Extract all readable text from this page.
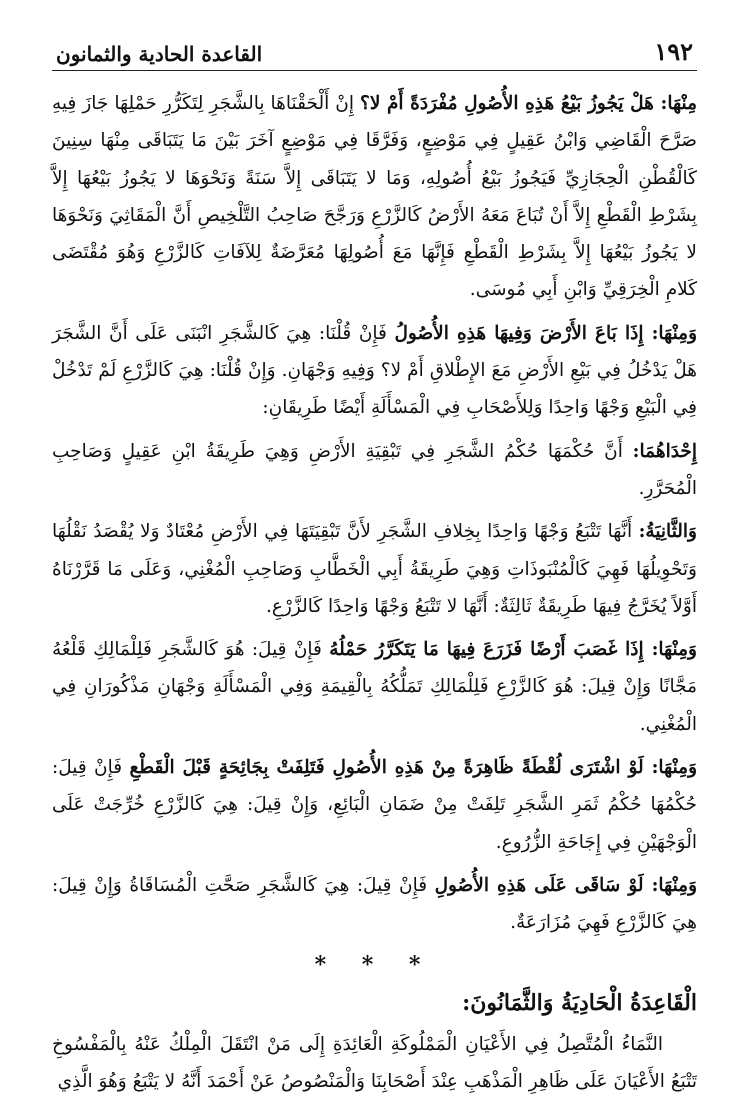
١٩٢
القاعدة الحادية والثمانون

مِنْهَا: هَلْ يَجُوزُ بَيْعُ هَذِهِ الأُصُولِ مُفْرَدَةً أَمْ لا؟ إِنْ أَلْحَقْنَاهَا بِالشَّجَرِ لِتَكَرُّرِ حَمْلِهَا جَازَ فِيهِ صَرَّحَ الْقَاضِي وَابْنُ عَقِيلٍ فِي مَوْضِعٍ، وَفَرَّقَا فِي مَوْضِعٍ آخَرَ بَيْنَ مَا يَتَبَاقَى مِنْهَا سِنِينَ كَالْقُطْنِ الْحِجَازِيِّ فَيَجُوزُ بَيْعُ أُصُولِهِ، وَمَا لا يَتَبَاقَى إِلاَّ سَنَةً وَنَحْوَهَا لا يَجُوزُ بَيْعُهَا إِلاَّ بِشَرْطِ الْقَطْعِ إِلاَّ أَنْ تُبَاعَ مَعَهُ الأَرْضُ كَالزَّرْعِ وَرَجَّحَ صَاحِبُ التَّلْخِيصِ أَنَّ الْمَقَاثِيَ وَنَحْوَهَا لا يَجُوزُ بَيْعُهَا إِلاَّ بِشَرْطِ الْقَطْعِ فَإِنَّهَا مَعَ أُصُولِهَا مُعَرَّضَةٌ لِلآفَاتِ كَالزَّرْعِ وَهُوَ مُقْتَضَى كَلامِ الْخِرَقِيِّ وَابْنِ أَبِي مُوسَى.

وَمِنْهَا: إِذَا بَاعَ الأَرْضَ وَفِيهَا هَذِهِ الأُصُولُ فَإِنْ قُلْنَا: هِيَ كَالشَّجَرِ انْبَنَى عَلَى أَنَّ الشَّجَرَ هَلْ يَدْخُلُ فِي بَيْعِ الأَرْضِ مَعَ الإِطْلاقِ أَمْ لا؟ وَفِيهِ وَجْهَانِ. وَإِنْ قُلْنَا: هِيَ كَالزَّرْعِ لَمْ تَدْخُلْ فِي الْبَيْعِ وَجْهًا وَاحِدًا وَلِلأَصْحَابِ فِي الْمَسْأَلَةِ أَيْضًا طَرِيقَانِ:

إِحْدَاهُمَا: أَنَّ حُكْمَهَا حُكْمُ الشَّجَرِ فِي تَبْقِيَةِ الأَرْضِ وَهِيَ طَرِيقَةُ ابْنِ عَقِيلٍ وَصَاحِبِ الْمُحَرَّرِ.

وَالثَّانِيَةُ: أَنَّهَا تَتْبَعُ وَجْهًا وَاحِدًا بِخِلافِ الشَّجَرِ لأَنَّ تَبْقِيَتَهَا فِي الأَرْضِ مُعْتَادٌ وَلا يُقْصَدُ نَقْلُهَا وَتَحْوِيلُهَا فَهِيَ كَالْمُنْبَوذَاتِ وَهِيَ طَرِيقَةُ أَبِي الْخَطَّابِ وَصَاحِبِ الْمُغْنِي، وَعَلَى مَا قَرَّرْنَاهُ أَوَّلاً يُخَرَّجُ فِيهَا طَرِيقَةٌ ثَالِثَةٌ: أَنَّهَا لا تَتْبَعُ وَجْهًا وَاحِدًا كَالزَّرْعِ.

وَمِنْهَا: إِذَا غَصَبَ أَرْضًا فَزَرَعَ فِيهَا مَا يَتَكَرَّرُ حَمْلُهُ فَإِنْ قِيلَ: هُوَ كَالشَّجَرِ فَلِلْمَالِكِ قَلْعُهُ مَجَّانًا وَإِنْ قِيلَ: هُوَ كَالزَّرْعِ فَلِلْمَالِكِ تَمَلُّكُهُ بِالْقِيمَةِ وَفِي الْمَسْأَلَةِ وَجْهَانِ مَذْكُورَانِ فِي الْمُغْنِي.

وَمِنْهَا: لَوْ اشْتَرَى لُقْطَةً ظَاهِرَةً مِنْ هَذِهِ الأُصُولِ فَتَلِفَتْ بِجَائِحَةٍ قَبْلَ الْقَطْعِ فَإِنْ قِيلَ: حُكْمُهَا حُكْمُ ثَمَرِ الشَّجَرِ تَلِفَتْ مِنْ ضَمَانِ الْبَائِعِ، وَإِنْ قِيلَ: هِيَ كَالزَّرْعِ خُرِّجَتْ عَلَى الْوَجْهَيْنِ فِي إِجَاحَةِ الزُّرُوعِ.

وَمِنْهَا: لَوْ سَاقَى عَلَى هَذِهِ الأُصُولِ فَإِنْ قِيلَ: هِيَ كَالشَّجَرِ صَحَّتِ الْمُسَاقَاةُ وَإِنْ قِيلَ: هِيَ كَالزَّرْعِ فَهِيَ مُزَارَعَةٌ.

* * *
الْقَاعِدَةُ الْحَادِيَةُ وَالثَّمَانُونَ:

النَّمَاءُ الْمُتَّصِلُ فِي الأَعْيَانِ الْمَمْلُوكَةِ الْعَائِدَةِ إِلَى مَنْ انْتَقَلَ الْمِلْكُ عَنْهُ بِالْمَفْسُوخِ تَتْبَعُ الأَعْيَانَ عَلَى ظَاهِرِ الْمَذْهَبِ عِنْدَ أَصْحَابِنَا وَالْمَنْصُوصُ عَنْ أَحْمَدَ أَنَّهُ لا يَتْبَعُ وَهُوَ الَّذِي
